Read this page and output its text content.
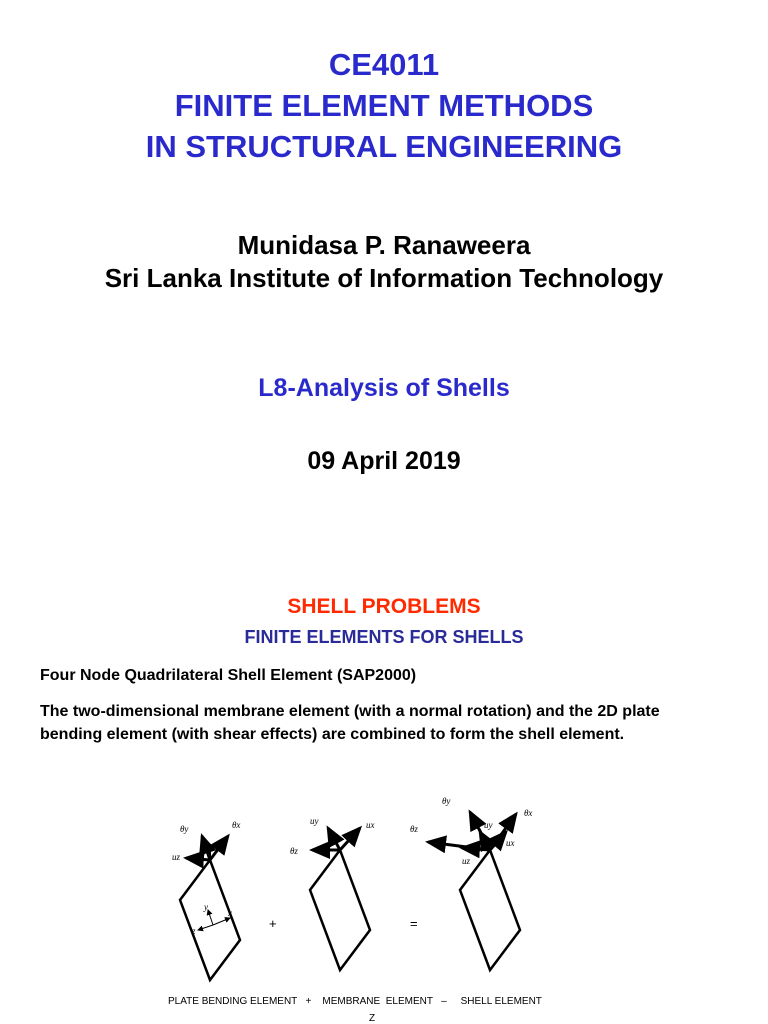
CE4011
FINITE ELEMENT METHODS
IN STRUCTURAL ENGINEERING
Munidasa P. Ranaweera
Sri Lanka Institute of Information Technology
L8-Analysis of Shells
09 April 2019
SHELL PROBLEMS
FINITE ELEMENTS FOR SHELLS
Four Node Quadrilateral Shell Element (SAP2000)
The two-dimensional membrane element (with a normal rotation) and the 2D plate bending element (with shear effects) are combined to form the shell element.
θy	θx
uz
y
x
z	+
uy	ux
θz
=
θy
θx
θz	uy
ux
uz
PLATE BENDING ELEMENT   +    MEMBRANE  ELEMENT   –     SHELL ELEMENT
Z
